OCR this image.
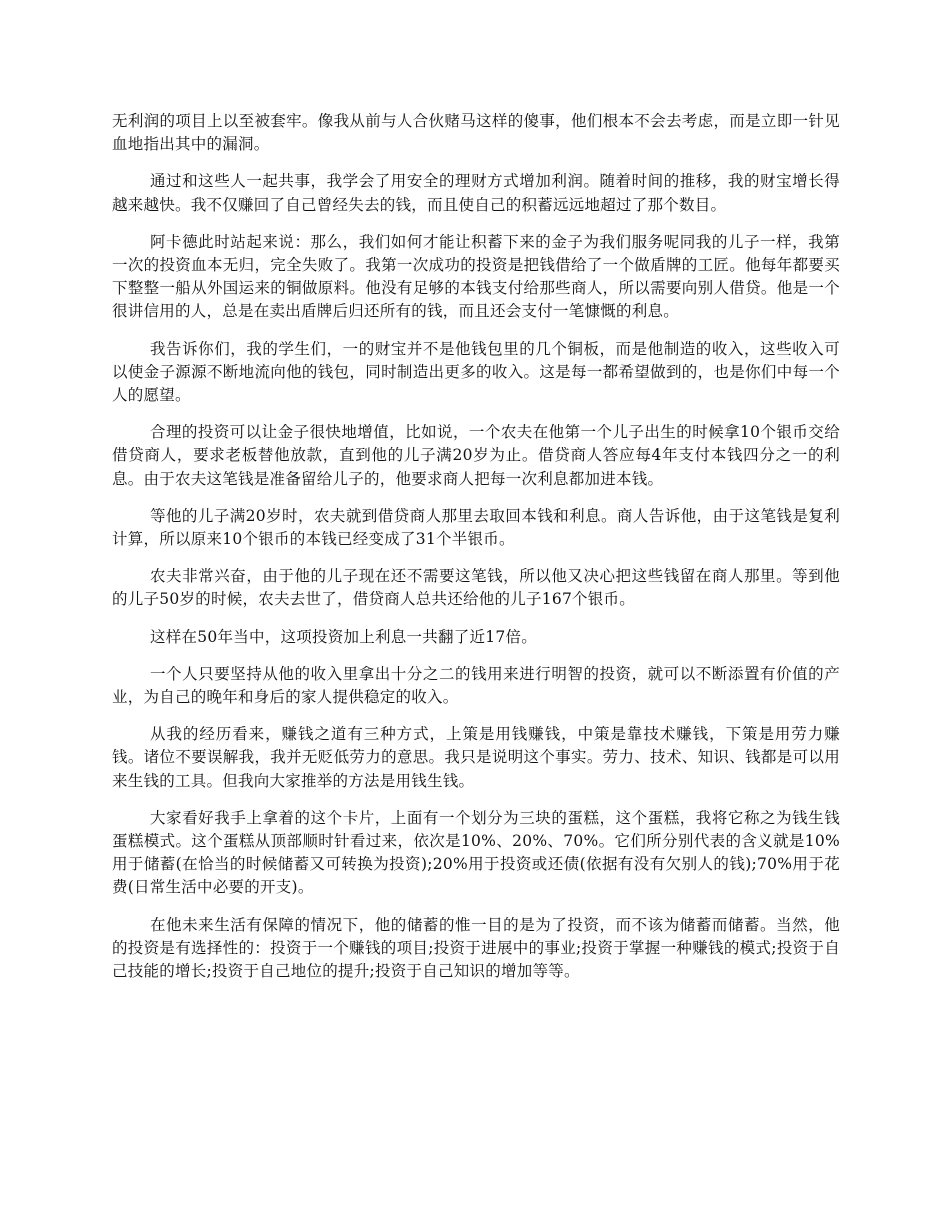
无利润的项目上以至被套牢。像我从前与人合伙赌马这样的傻事，他们根本不会去考虑，而是立即一针见血地指出其中的漏洞。

通过和这些人一起共事，我学会了用安全的理财方式增加利润。随着时间的推移，我的财宝增长得越来越快。我不仅赚回了自己曾经失去的钱，而且使自己的积蓄远远地超过了那个数目。

阿卡德此时站起来说：那么，我们如何才能让积蓄下来的金子为我们服务呢同我的儿子一样，我第一次的投资血本无归，完全失败了。我第一次成功的投资是把钱借给了一个做盾牌的工匠。他每年都要买下整整一船从外国运来的铜做原料。他没有足够的本钱支付给那些商人，所以需要向别人借贷。他是一个很讲信用的人，总是在卖出盾牌后归还所有的钱，而且还会支付一笔慷慨的利息。

我告诉你们，我的学生们，一的财宝并不是他钱包里的几个铜板，而是他制造的收入，这些收入可以使金子源源不断地流向他的钱包，同时制造出更多的收入。这是每一都希望做到的，也是你们中每一个人的愿望。

合理的投资可以让金子很快地增值，比如说，一个农夫在他第一个儿子出生的时候拿10个银币交给借贷商人，要求老板替他放款，直到他的儿子满20岁为止。借贷商人答应每4年支付本钱四分之一的利息。由于农夫这笔钱是准备留给儿子的，他要求商人把每一次利息都加进本钱。

等他的儿子满20岁时，农夫就到借贷商人那里去取回本钱和利息。商人告诉他，由于这笔钱是复利计算，所以原来10个银币的本钱已经变成了31个半银币。

农夫非常兴奋，由于他的儿子现在还不需要这笔钱，所以他又决心把这些钱留在商人那里。等到他的儿子50岁的时候，农夫去世了，借贷商人总共还给他的儿子167个银币。

这样在50年当中，这项投资加上利息一共翻了近17倍。

一个人只要坚持从他的收入里拿出十分之二的钱用来进行明智的投资，就可以不断添置有价值的产业，为自己的晚年和身后的家人提供稳定的收入。

从我的经历看来，赚钱之道有三种方式，上策是用钱赚钱，中策是靠技术赚钱，下策是用劳力赚钱。诸位不要误解我，我并无贬低劳力的意思。我只是说明这个事实。劳力、技术、知识、钱都是可以用来生钱的工具。但我向大家推举的方法是用钱生钱。

大家看好我手上拿着的这个卡片，上面有一个划分为三块的蛋糕，这个蛋糕，我将它称之为钱生钱蛋糕模式。这个蛋糕从顶部顺时针看过来，依次是10%、20%、70%。它们所分别代表的含义就是10%用于储蓄(在恰当的时候储蓄又可转换为投资);20%用于投资或还债(依据有没有欠别人的钱);70%用于花费(日常生活中必要的开支)。

在他未来生活有保障的情况下，他的储蓄的惟一目的是为了投资，而不该为储蓄而储蓄。当然，他的投资是有选择性的：投资于一个赚钱的项目;投资于进展中的事业;投资于掌握一种赚钱的模式;投资于自己技能的增长;投资于自己地位的提升;投资于自己知识的增加等等。
